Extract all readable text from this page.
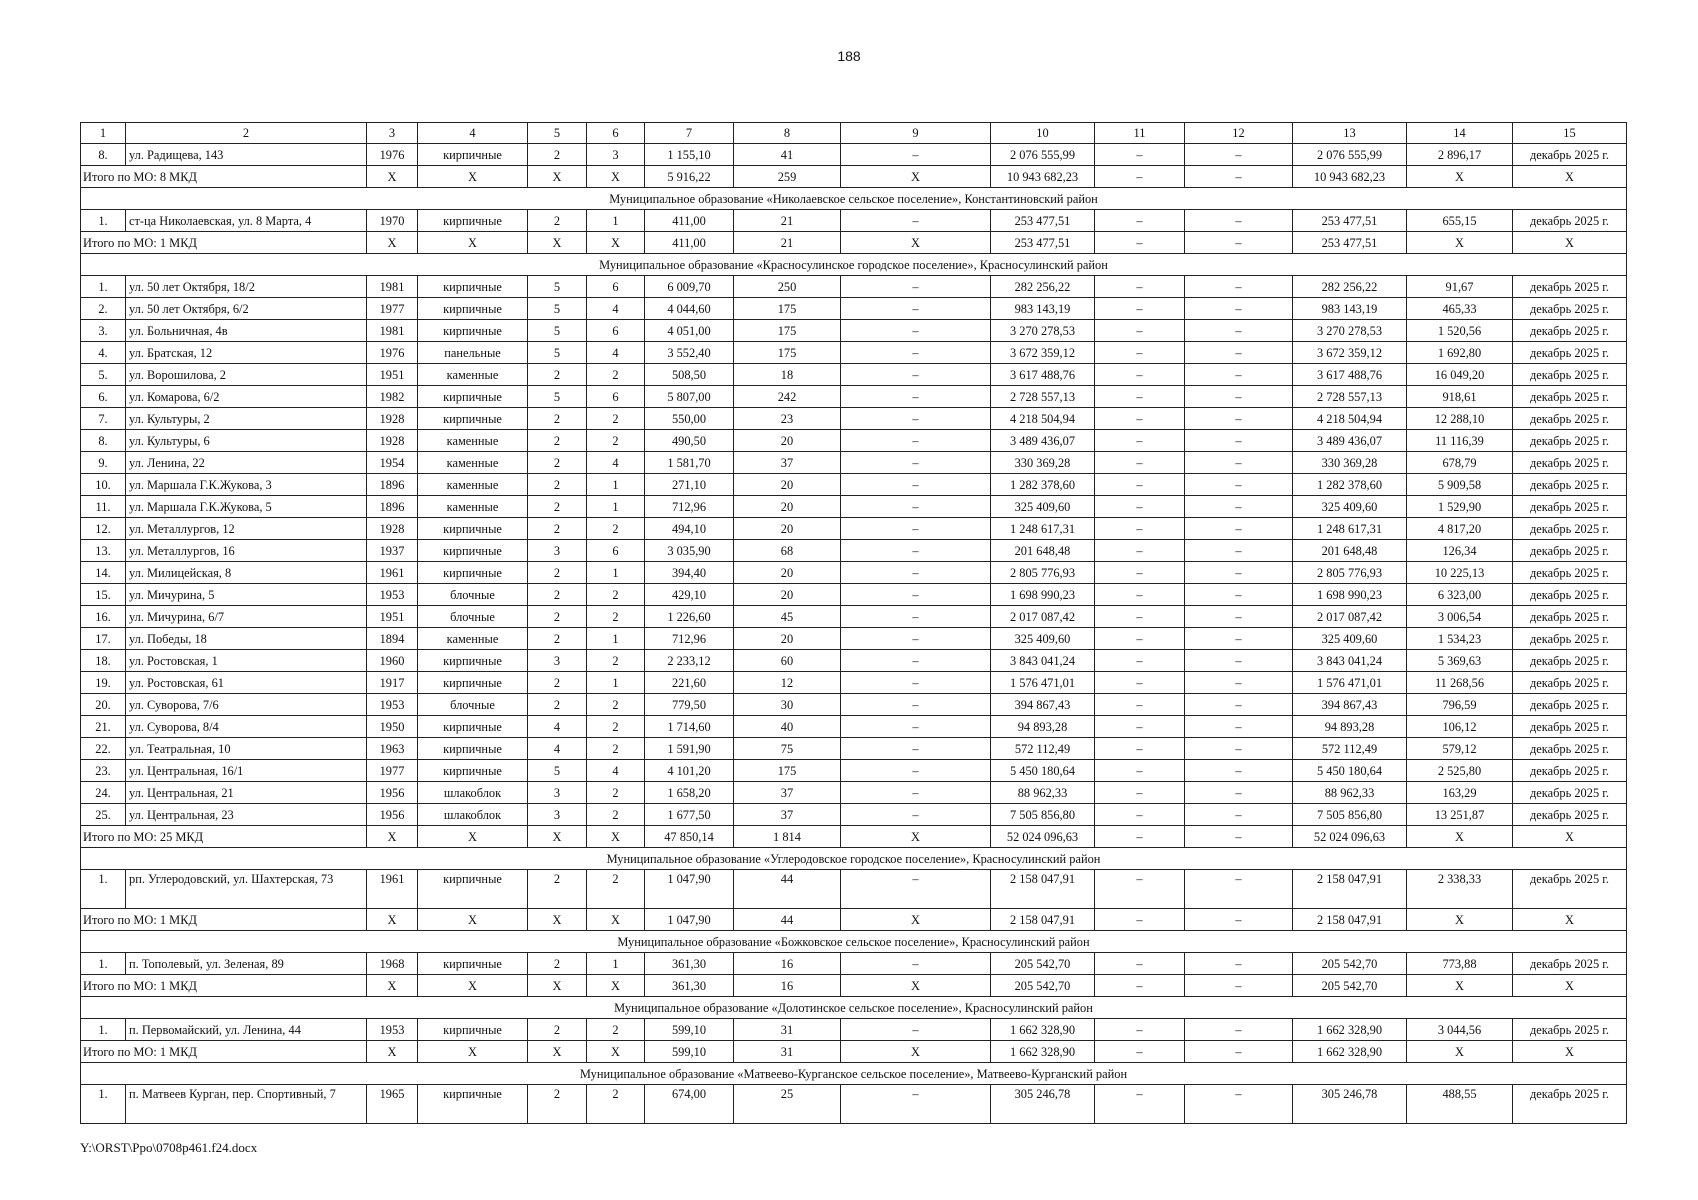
188
1	2	3	4	5	6	7	8	9	10	11	12	13	14	15
8.	ул. Радищева, 143	1976	кирпичные	2	3	1 155,10	41	–	2 076 555,99	–	–	2 076 555,99	2 896,17	декабрь 2025 г.
Итого по МО: 8 МКД		Х	Х	Х	Х	5 916,22	259	Х	10 943 682,23	–	–	10 943 682,23	Х	Х
Муниципальное образование «Николаевское сельское поселение», Константиновский район														
1.	ст-ца Николаевская, ул. 8 Марта, 4	1970	кирпичные	2	1	411,00	21	–	253 477,51	–	–	253 477,51	655,15	декабрь 2025 г.
Итого по МО: 1 МКД		Х	Х	Х	Х	411,00	21	Х	253 477,51	–	–	253 477,51	Х	Х
Муниципальное образование «Красносулинское городское поселение», Красносулинский район														
1.	ул. 50 лет Октября, 18/2	1981	кирпичные	5	6	6 009,70	250	–	282 256,22	–	–	282 256,22	91,67	декабрь 2025 г.
2.	ул. 50 лет Октября, 6/2	1977	кирпичные	5	4	4 044,60	175	–	983 143,19	–	–	983 143,19	465,33	декабрь 2025 г.
3.	ул. Больничная, 4в	1981	кирпичные	5	6	4 051,00	175	–	3 270 278,53	–	–	3 270 278,53	1 520,56	декабрь 2025 г.
4.	ул. Братская, 12	1976	панельные	5	4	3 552,40	175	–	3 672 359,12	–	–	3 672 359,12	1 692,80	декабрь 2025 г.
5.	ул. Ворошилова, 2	1951	каменные	2	2	508,50	18	–	3 617 488,76	–	–	3 617 488,76	16 049,20	декабрь 2025 г.
6.	ул. Комарова, 6/2	1982	кирпичные	5	6	5 807,00	242	–	2 728 557,13	–	–	2 728 557,13	918,61	декабрь 2025 г.
7.	ул. Культуры, 2	1928	кирпичные	2	2	550,00	23	–	4 218 504,94	–	–	4 218 504,94	12 288,10	декабрь 2025 г.
8.	ул. Культуры, 6	1928	каменные	2	2	490,50	20	–	3 489 436,07	–	–	3 489 436,07	11 116,39	декабрь 2025 г.
9.	ул. Ленина, 22	1954	каменные	2	4	1 581,70	37	–	330 369,28	–	–	330 369,28	678,79	декабрь 2025 г.
10.	ул. Маршала Г.К.Жукова, 3	1896	каменные	2	1	271,10	20	–	1 282 378,60	–	–	1 282 378,60	5 909,58	декабрь 2025 г.
11.	ул. Маршала Г.К.Жукова, 5	1896	каменные	2	1	712,96	20	–	325 409,60	–	–	325 409,60	1 529,90	декабрь 2025 г.
12.	ул. Металлургов, 12	1928	кирпичные	2	2	494,10	20	–	1 248 617,31	–	–	1 248 617,31	4 817,20	декабрь 2025 г.
13.	ул. Металлургов, 16	1937	кирпичные	3	6	3 035,90	68	–	201 648,48	–	–	201 648,48	126,34	декабрь 2025 г.
14.	ул. Милицейская, 8	1961	кирпичные	2	1	394,40	20	–	2 805 776,93	–	–	2 805 776,93	10 225,13	декабрь 2025 г.
15.	ул. Мичурина, 5	1953	блочные	2	2	429,10	20	–	1 698 990,23	–	–	1 698 990,23	6 323,00	декабрь 2025 г.
16.	ул. Мичурина, 6/7	1951	блочные	2	2	1 226,60	45	–	2 017 087,42	–	–	2 017 087,42	3 006,54	декабрь 2025 г.
17.	ул. Победы, 18	1894	каменные	2	1	712,96	20	–	325 409,60	–	–	325 409,60	1 534,23	декабрь 2025 г.
18.	ул. Ростовская, 1	1960	кирпичные	3	2	2 233,12	60	–	3 843 041,24	–	–	3 843 041,24	5 369,63	декабрь 2025 г.
19.	ул. Ростовская, 61	1917	кирпичные	2	1	221,60	12	–	1 576 471,01	–	–	1 576 471,01	11 268,56	декабрь 2025 г.
20.	ул. Суворова, 7/6	1953	блочные	2	2	779,50	30	–	394 867,43	–	–	394 867,43	796,59	декабрь 2025 г.
21.	ул. Суворова, 8/4	1950	кирпичные	4	2	1 714,60	40	–	94 893,28	–	–	94 893,28	106,12	декабрь 2025 г.
22.	ул. Театральная, 10	1963	кирпичные	4	2	1 591,90	75	–	572 112,49	–	–	572 112,49	579,12	декабрь 2025 г.
23.	ул. Центральная, 16/1	1977	кирпичные	5	4	4 101,20	175	–	5 450 180,64	–	–	5 450 180,64	2 525,80	декабрь 2025 г.
24.	ул. Центральная, 21	1956	шлакоблок	3	2	1 658,20	37	–	88 962,33	–	–	88 962,33	163,29	декабрь 2025 г.
25.	ул. Центральная, 23	1956	шлакоблок	3	2	1 677,50	37	–	7 505 856,80	–	–	7 505 856,80	13 251,87	декабрь 2025 г.
Итого по МО: 25 МКД		Х	Х	Х	Х	47 850,14	1 814	Х	52 024 096,63	–	–	52 024 096,63	Х	Х
Муниципальное образование «Углеродовское городское поселение», Красносулинский район														
1.	рп. Углеродовский, ул. Шахтерская, 73	1961	кирпичные	2	2	1 047,90	44	–	2 158 047,91	–	–	2 158 047,91	2 338,33	декабрь 2025 г.
Итого по МО: 1 МКД		Х	Х	Х	Х	1 047,90	44	Х	2 158 047,91	–	–	2 158 047,91	Х	Х
Муниципальное образование «Божковское сельское поселение», Красносулинский район														
1.	п. Тополевый, ул. Зеленая, 89	1968	кирпичные	2	1	361,30	16	–	205 542,70	–	–	205 542,70	773,88	декабрь 2025 г.
Итого по МО: 1 МКД		Х	Х	Х	Х	361,30	16	Х	205 542,70	–	–	205 542,70	Х	Х
Муниципальное образование «Долотинское сельское поселение», Красносулинский район														
1.	п. Первомайский, ул. Ленина, 44	1953	кирпичные	2	2	599,10	31	–	1 662 328,90	–	–	1 662 328,90	3 044,56	декабрь 2025 г.
Итого по МО: 1 МКД		Х	Х	Х	Х	599,10	31	Х	1 662 328,90	–	–	1 662 328,90	Х	Х
Муниципальное образование «Матвеево-Курганское сельское поселение», Матвеево-Курганский район														
1.	п. Матвеев Курган, пер. Спортивный, 7	1965	кирпичные	2	2	674,00	25	–	305 246,78	–	–	305 246,78	488,55	декабрь 2025 г.
Y:\ORST\Ppo\0708p461.f24.docx
